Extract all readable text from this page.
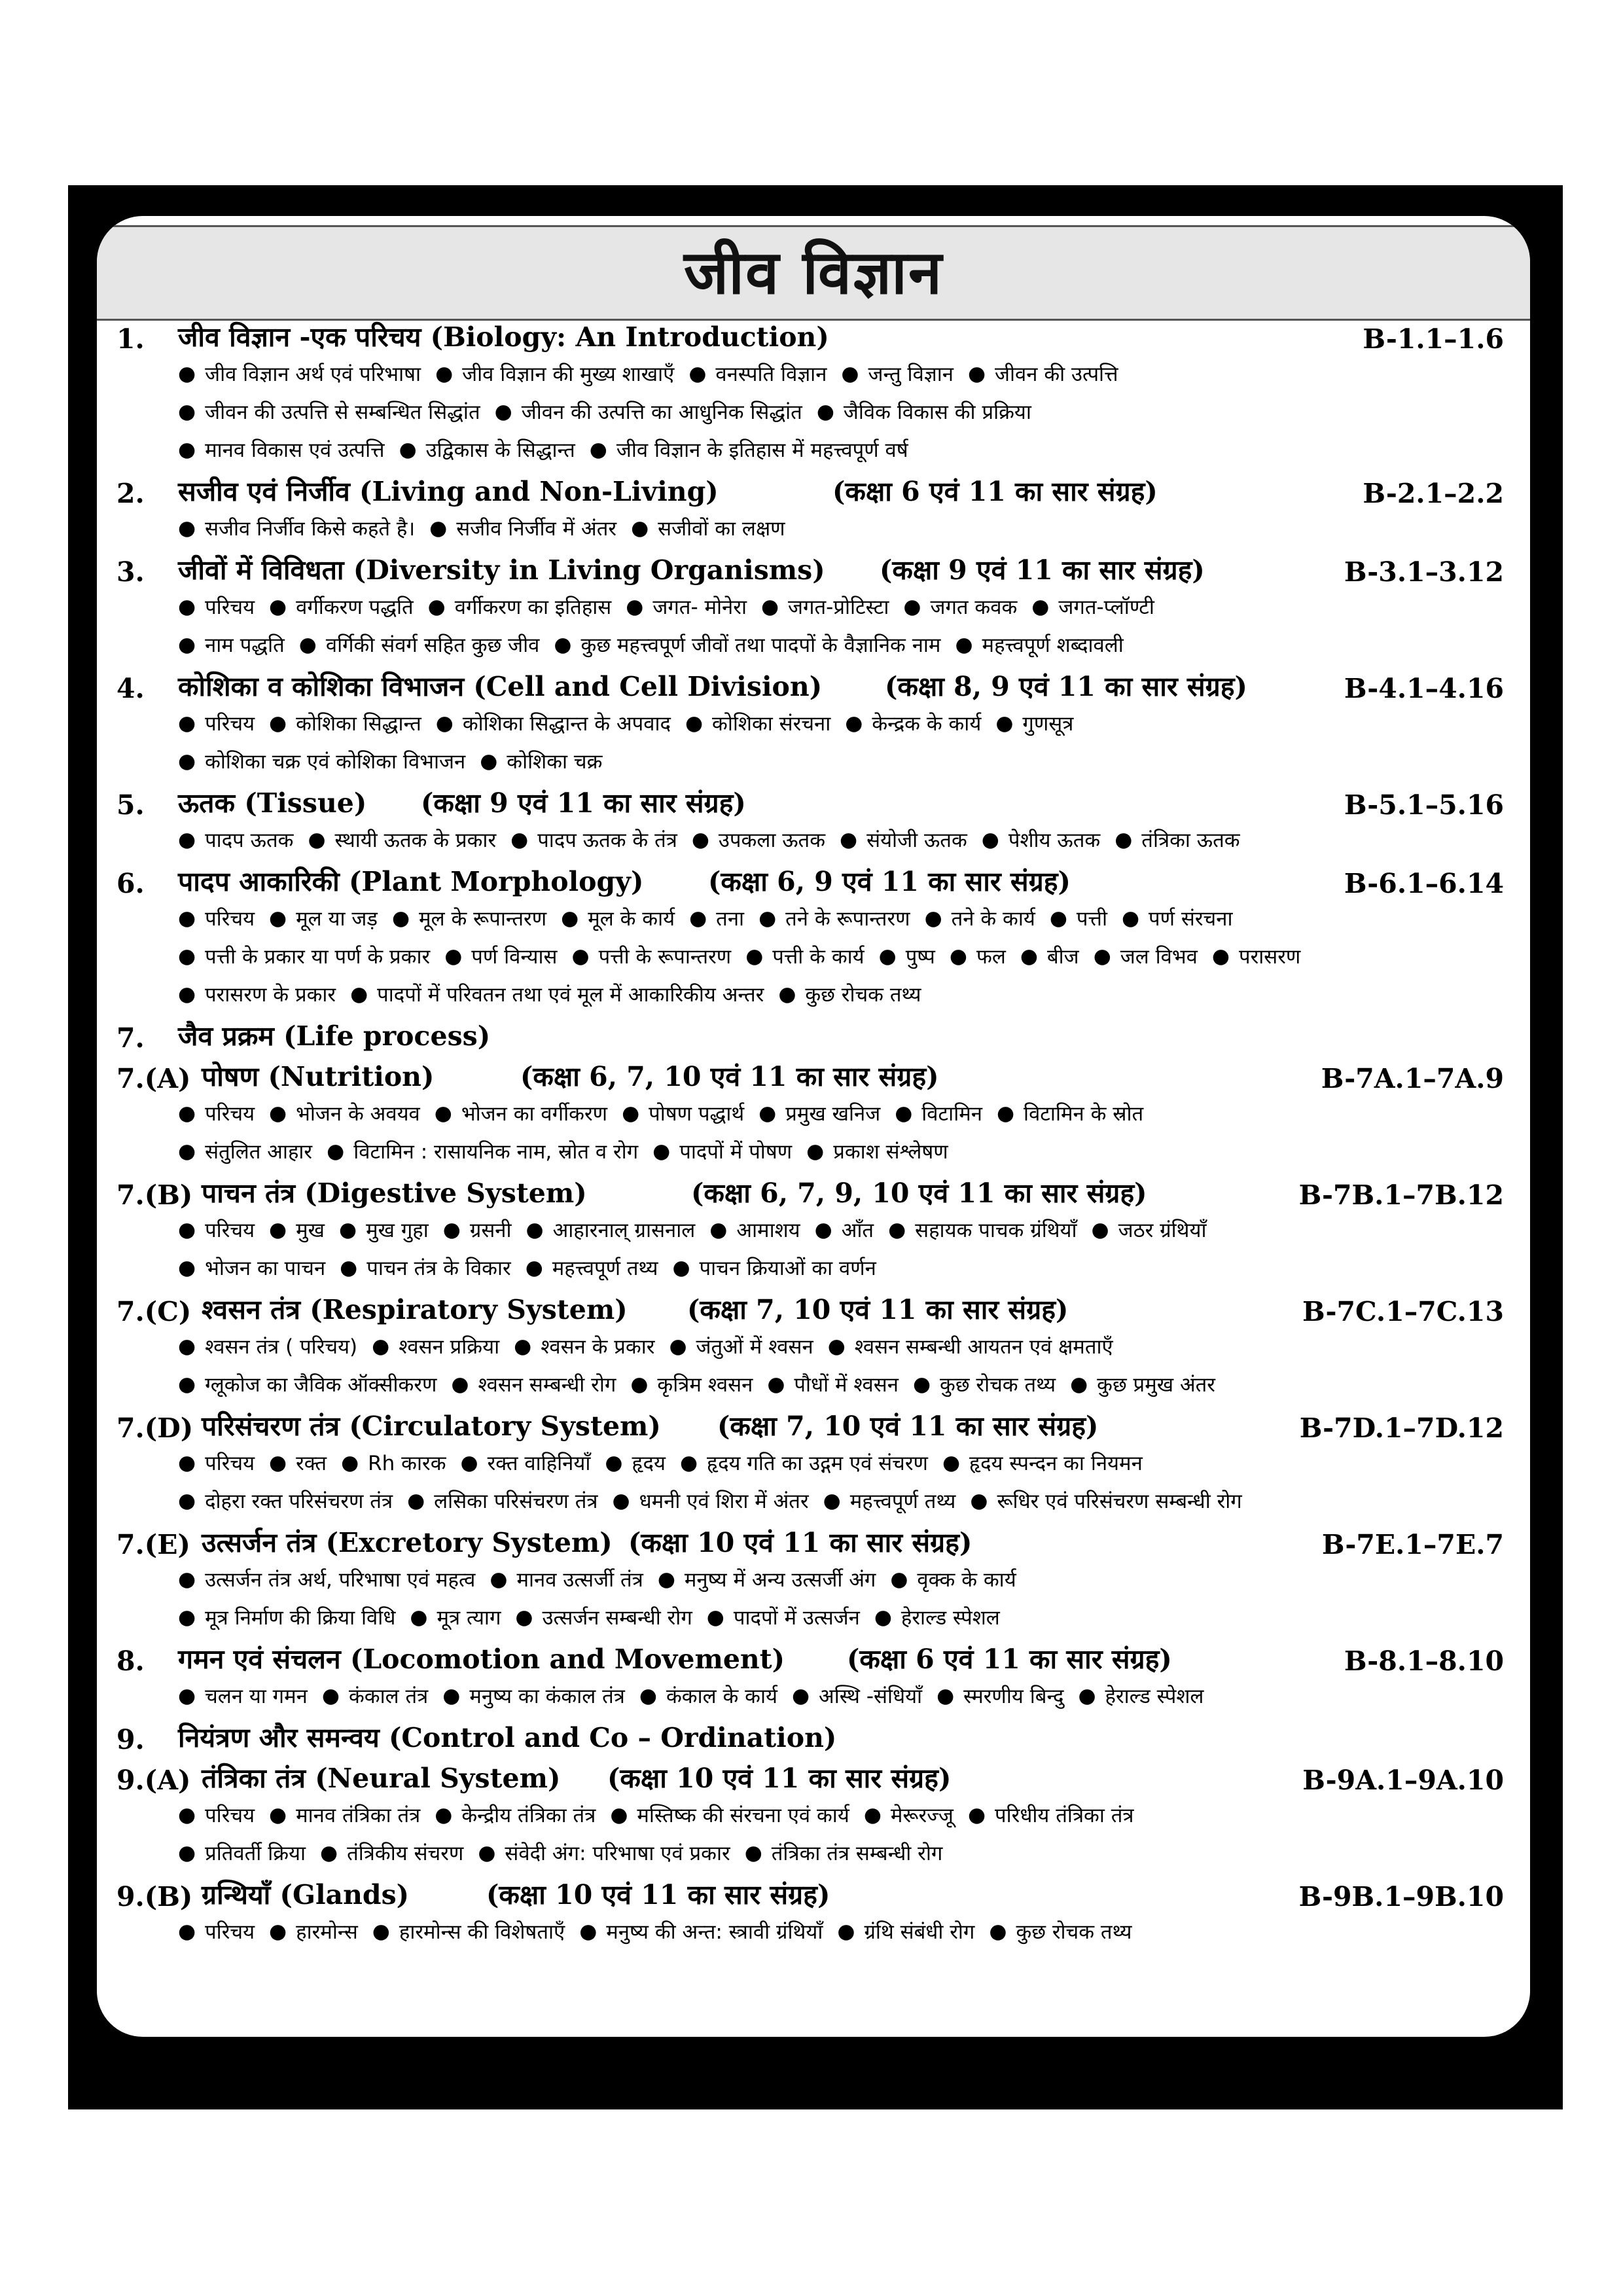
जीव विज्ञान
1.	जीव विज्ञान -एक परिचय (Biology: An Introduction)	B-1.1–1.6
● जीव विज्ञान अर्थ एवं परिभाषा ● जीव विज्ञान की मुख्य शाखाएँ ● वनस्पति विज्ञान ● जन्तु विज्ञान ● जीवन की उत्पत्ति
● जीवन की उत्पत्ति से सम्बन्धित सिद्धांत ● जीवन की उत्पत्ति का आधुनिक सिद्धांत ● जैविक विकास की प्रक्रिया
● मानव विकास एवं उत्पत्ति ● उद्विकास के सिद्धान्त ● जीव विज्ञान के इतिहास में महत्त्वपूर्ण वर्ष
2.	सजीव एवं निर्जीव (Living and Non-Living)	(कक्षा 6 एवं 11 का सार संग्रह)	B-2.1–2.2
● सजीव निर्जीव किसे कहते है। ● सजीव निर्जीव में अंतर ● सजीवों का लक्षण
3.	जीवों में विविधता (Diversity in Living Organisms) (कक्षा 9 एवं 11 का सार संग्रह)	B-3.1–3.12
● परिचय ● वर्गीकरण पद्धति ● वर्गीकरण का इतिहास ● जगत- मोनेरा ● जगत-प्रोटिस्टा ● जगत कवक ● जगत-प्लॉण्टी
● नाम पद्धति ● वर्गिकी संवर्ग सहित कुछ जीव ● कुछ महत्त्वपूर्ण जीवों तथा पादपों के वैज्ञानिक नाम ● महत्त्वपूर्ण शब्दावली
4.	कोशिका व कोशिका विभाजन (Cell and Cell Division) (कक्षा 8, 9 एवं 11 का सार संग्रह)	B-4.1–4.16
● परिचय ● कोशिका सिद्धान्त ● कोशिका सिद्धान्त के अपवाद ● कोशिका संरचना ● केन्द्रक के कार्य ● गुणसूत्र
● कोशिका चक्र एवं कोशिका विभाजन ● कोशिका चक्र
5.	ऊतक (Tissue) (कक्षा 9 एवं 11 का सार संग्रह)	B-5.1–5.16
● पादप ऊतक ● स्थायी ऊतक के प्रकार ● पादप ऊतक के तंत्र ● उपकला ऊतक ● संयोजी ऊतक ● पेशीय ऊतक ● तंत्रिका ऊतक
6.	पादप आकारिकी (Plant Morphology) (कक्षा 6, 9 एवं 11 का सार संग्रह)	B-6.1–6.14
● परिचय ● मूल या जड़ ● मूल के रूपान्तरण ● मूल के कार्य ● तना ● तने के रूपान्तरण ● तने के कार्य ● पत्ती ● पर्ण संरचना
● पत्ती के प्रकार या पर्ण के प्रकार ● पर्ण विन्यास ● पत्ती के रूपान्तरण ● पत्ती के कार्य ● पुष्प ● फल ● बीज ● जल विभव ● परासरण
● परासरण के प्रकार ● पादपों में परिवतन तथा एवं मूल में आकारिकीय अन्तर ● कुछ रोचक तथ्य
7.	जैव प्रक्रम (Life process)
7.(A) पोषण (Nutrition)	(कक्षा 6, 7, 10 एवं 11 का सार संग्रह)	B-7A.1–7A.9
● परिचय ● भोजन के अवयव ● भोजन का वर्गीकरण ● पोषण पद्धार्थ ● प्रमुख खनिज ● विटामिन ● विटामिन के स्रोत
● संतुलित आहार ● विटामिन : रासायनिक नाम, स्रोत व रोग ● पादपों में पोषण ● प्रकाश संश्लेषण
7.(B) पाचन तंत्र (Digestive System)	(कक्षा 6, 7, 9, 10 एवं 11 का सार संग्रह)	B-7B.1–7B.12
● परिचय ● मुख ● मुख गुहा ● ग्रसनी ● आहारनाल् ग्रासनाल ● आमाशय ● आँत ● सहायक पाचक ग्रंथियाँ ● जठर ग्रंथियाँ
● भोजन का पाचन ● पाचन तंत्र के विकार ● महत्त्वपूर्ण तथ्य ● पाचन क्रियाओं का वर्णन
7.(C) श्वसन तंत्र (Respiratory System) (कक्षा 7, 10 एवं 11 का सार संग्रह)	B-7C.1–7C.13
● श्वसन तंत्र ( परिचय) ● श्वसन प्रक्रिया ● श्वसन के प्रकार ● जंतुओं में श्वसन ● श्वसन सम्बन्धी आयतन एवं क्षमताएँ
● ग्लूकोज का जैविक ऑक्सीकरण ● श्वसन सम्बन्धी रोग ● कृत्रिम श्वसन ● पौधों में श्वसन ● कुछ रोचक तथ्य ● कुछ प्रमुख अंतर
7.(D) परिसंचरण तंत्र (Circulatory System) (कक्षा 7, 10 एवं 11 का सार संग्रह)	B-7D.1–7D.12
● परिचय ● रक्त ● Rh कारक ● रक्त वाहिनियाँ ● हृदय ● हृदय गति का उद्गम एवं संचरण ● हृदय स्पन्दन का नियमन
● दोहरा रक्त परिसंचरण तंत्र ● लसिका परिसंचरण तंत्र ● धमनी एवं शिरा में अंतर ● महत्त्वपूर्ण तथ्य ● रूधिर एवं परिसंचरण सम्बन्धी रोग
7.(E) उत्सर्जन तंत्र (Excretory System) (कक्षा 10 एवं 11 का सार संग्रह)	B-7E.1–7E.7
● उत्सर्जन तंत्र अर्थ, परिभाषा एवं महत्व ● मानव उत्सर्जी तंत्र ● मनुष्य में अन्य उत्सर्जी अंग ● वृक्क के कार्य
● मूत्र निर्माण की क्रिया विधि ● मूत्र त्याग ● उत्सर्जन सम्बन्धी रोग ● पादपों में उत्सर्जन ● हेराल्ड स्पेशल
8.	गमन एवं संचलन (Locomotion and Movement) (कक्षा 6 एवं 11 का सार संग्रह)	B-8.1–8.10
● चलन या गमन ● कंकाल तंत्र ● मनुष्य का कंकाल तंत्र ● कंकाल के कार्य ● अस्थि -संधियाँ ● स्मरणीय बिन्दु ● हेराल्ड स्पेशल
9.	नियंत्रण और समन्वय (Control and Co – Ordination)
9.(A) तंत्रिका तंत्र (Neural System) (कक्षा 10 एवं 11 का सार संग्रह)	B-9A.1–9A.10
● परिचय ● मानव तंत्रिका तंत्र ● केन्द्रीय तंत्रिका तंत्र ● मस्तिष्क की संरचना एवं कार्य ● मेरूरज्जू ● परिधीय तंत्रिका तंत्र
● प्रतिवर्ती क्रिया ● तंत्रिकीय संचरण ● संवेदी अंग: परिभाषा एवं प्रकार ● तंत्रिका तंत्र सम्बन्धी रोग
9.(B) ग्रन्थियाँ (Glands)	(कक्षा 10 एवं 11 का सार संग्रह)	B-9B.1–9B.10
● परिचय ● हारमोन्स ● हारमोन्स की विशेषताएँ ● मनुष्य की अन्त: स्त्रावी ग्रंथियाँ ● ग्रंथि संबंधी रोग ● कुछ रोचक तथ्य
